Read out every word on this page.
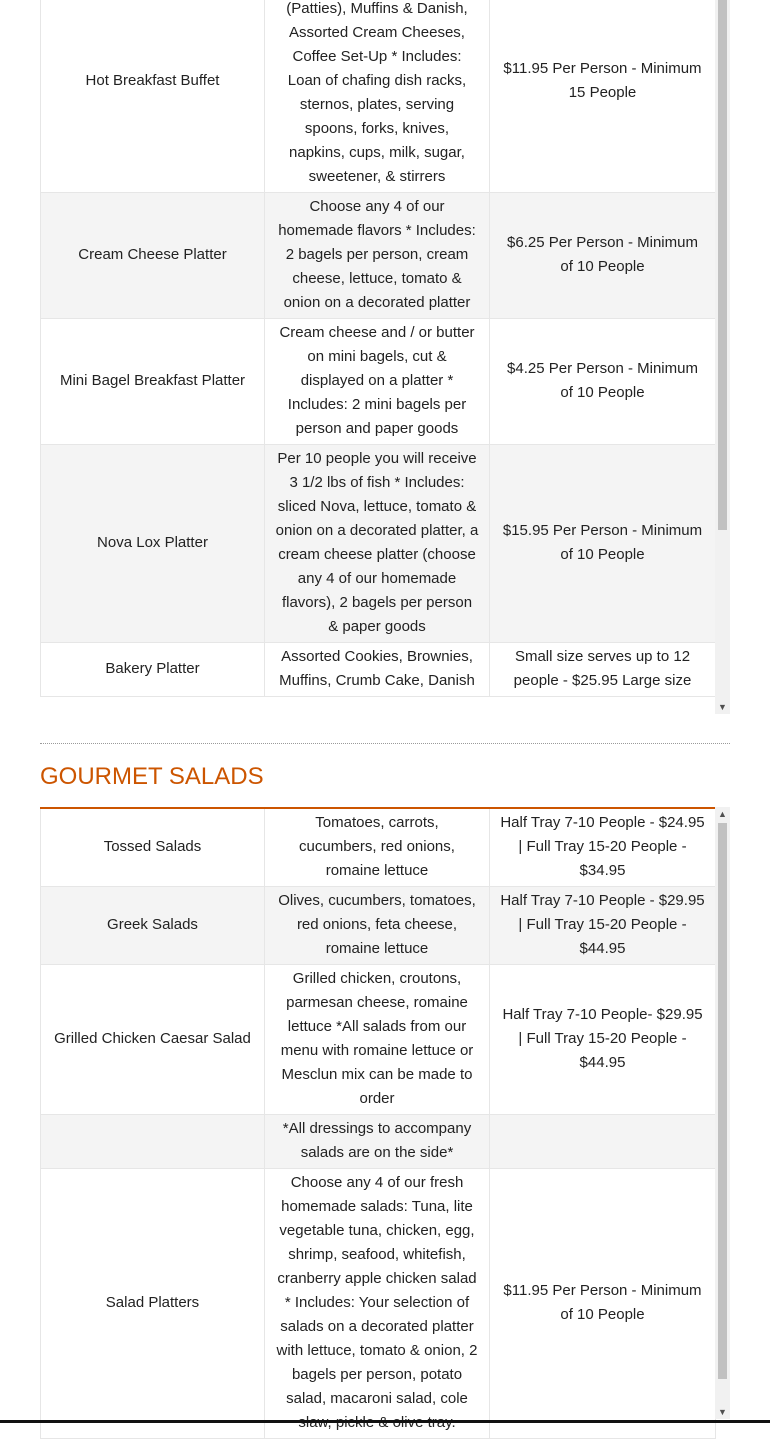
Hot Breakfast Buffet	(Patties), Muffins & Danish, Assorted Cream Cheeses, Coffee Set-Up * Includes: Loan of chafing dish racks, sternos, plates, serving spoons, forks, knives, napkins, cups, milk, sugar, sweetener, & stirrers	$11.95 Per Person - Minimum 15 People
Cream Cheese Platter	Choose any 4 of our homemade flavors * Includes: 2 bagels per person, cream cheese, lettuce, tomato & onion on a decorated platter	$6.25 Per Person - Minimum of 10 People
Mini Bagel Breakfast Platter	Cream cheese and / or butter on mini bagels, cut & displayed on a platter * Includes: 2 mini bagels per person and paper goods	$4.25 Per Person - Minimum of 10 People
Nova Lox Platter	Per 10 people you will receive 3 1/2 lbs of fish * Includes: sliced Nova, lettuce, tomato & onion on a decorated platter, a cream cheese platter (choose any 4 of our homemade flavors), 2 bagels per person & paper goods	$15.95 Per Person - Minimum of 10 People
Bakery Platter	Assorted Cookies, Brownies, Muffins, Crumb Cake, Danish	Small size serves up to 12 people - $25.95 Large size
▼
GOURMET SALADS
Tossed Salads	Tomatoes, carrots, cucumbers, red onions, romaine lettuce	Half Tray 7-10 People - $24.95 | Full Tray 15-20 People - $34.95
Greek Salads	Olives, cucumbers, tomatoes, red onions, feta cheese, romaine lettuce	Half Tray 7-10 People - $29.95 | Full Tray 15-20 People - $44.95
Grilled Chicken Caesar Salad	Grilled chicken, croutons, parmesan cheese, romaine lettuce *All salads from our menu with romaine lettuce or Mesclun mix can be made to order	Half Tray 7-10 People- $29.95 | Full Tray 15-20 People - $44.95
	*All dressings to accompany salads are on the side*	
Salad Platters	Choose any 4 of our fresh homemade salads: Tuna, lite vegetable tuna, chicken, egg, shrimp, seafood, whitefish, cranberry apple chicken salad * Includes: Your selection of salads on a decorated platter with lettuce, tomato & onion, 2 bagels per person, potato salad, macaroni salad, cole	$11.95 Per Person - Minimum of 10 People
▲
▼
